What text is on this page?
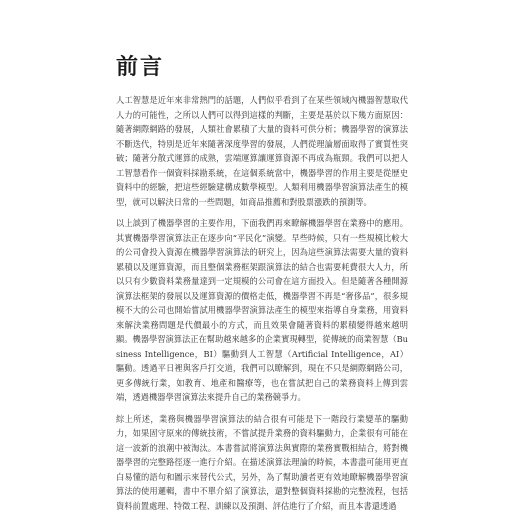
前言

人工智慧是近年來非常熱門的話題，人們似乎看到了在某些領域內機器智慧取代人力的可能性，之所以人們可以得到這樣的判斷，主要是基於以下幾方面原因：隨著網際網路的發展，人類社會累積了大量的資料可供分析；機器學習的演算法不斷迭代，特別是近年來隨著深度學習的發展，人們從理論層面取得了實質性突破；隨著分散式運算的成熟，雲端運算讓運算資源不再成為瓶頸。我們可以把人工智慧看作一個資料採勘系統，在這個系統當中，機器學習的作用主要是從歷史資料中的經驗，把這些經驗建構成數學模型。人類利用機器學習演算法產生的模型，就可以解決日常的一些問題，如商品推薦和對股票漲跌的預測等。

以上談到了機器學習的主要作用，下面我們再來瞭解機器學習在業務中的應用。其實機器學習演算法正在逐步向“平民化”演變。早些時候，只有一些規模比較大的公司會投入資源在機器學習演算法的研究上，因為這些演算法需要大量的資料累積以及運算資源，而且整個業務框架跟演算法的結合也需要耗費很大人力，所以只有少數資料業務量達到一定規模的公司會在這方面投入。但是隨著各種開源演算法框架的發展以及運算資源的價格走低，機器學習不再是“奢侈品”，很多規模不大的公司也開始嘗試用機器學習演算法產生的模型來指導自身業務，用資料來解決業務問題是代價最小的方式，而且效果會隨著資料的累積變得越來越明顯。機器學習演算法正在幫助越來越多的企業實現轉型，從傳統的商業智慧（Business Intelligence，BI）驅動到人工智慧（Artificial Intelligence，AI）驅動。透過平日裡與客戶打交道，我們可以瞭解到，現在不只是網際網路公司，更多傳統行業，如教育、地產和醫療等，也在嘗試把自己的業務資料上傳到雲端，透過機器學習演算法來提升自己的業務競爭力。

綜上所述，業務與機器學習演算法的結合很有可能是下一階段行業變革的驅動力，如果固守原來的傳統技術，不嘗試提升業務的資料驅動力，企業很有可能在這一波新的浪潮中被淘汰。本書嘗試將演算法與實際的業務實戰相結合，將對機器學習的完整路徑逐一進行介紹。在描述演算法理論的時候，本書盡可能用更直白易懂的語句和圖示來替代公式，另外，為了幫助讀者更有效地瞭解機器學習演算法的使用邏輯，書中不單介紹了演算法，還對整個資料採勘的完整流程，包括資料前置處理、特徵工程、訓練以及預測、評估進行了介紹，而且本書還透過
